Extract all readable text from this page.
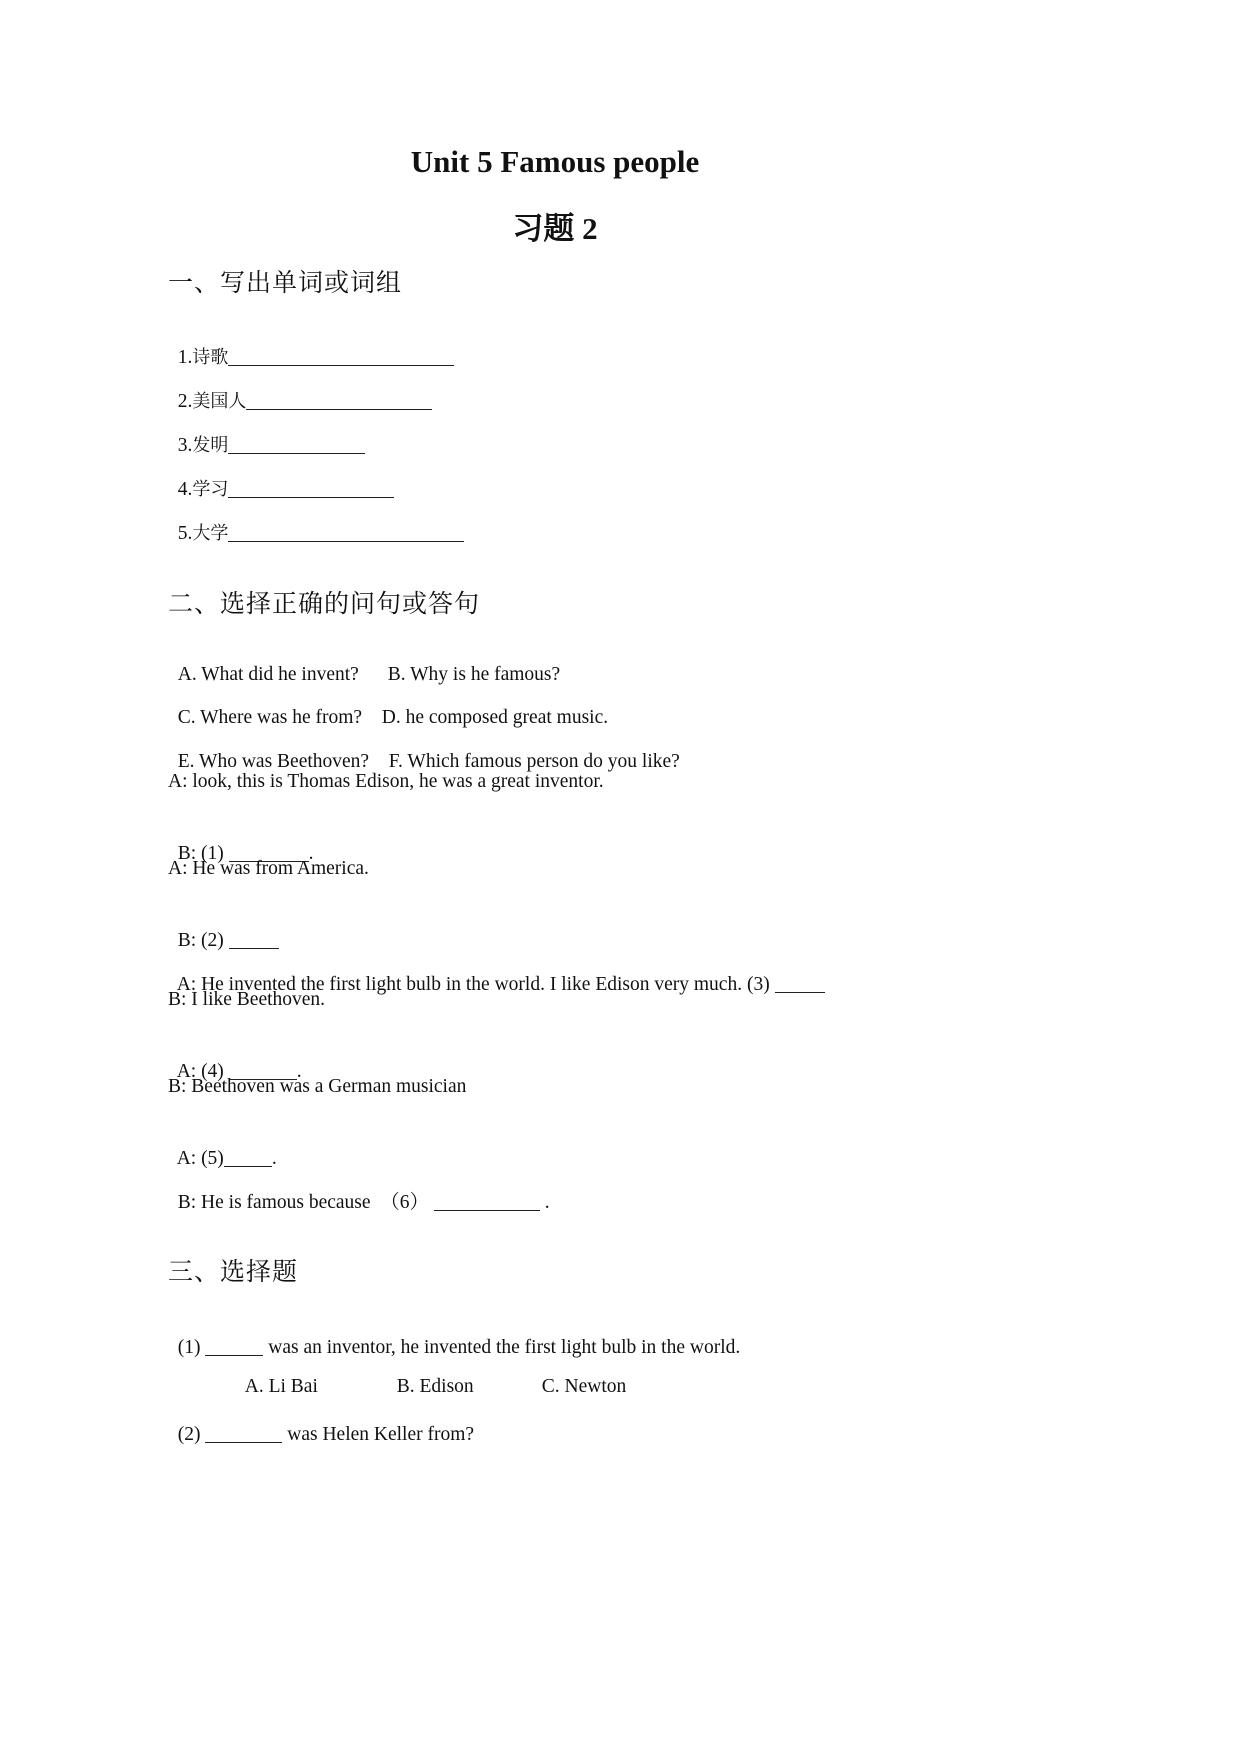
Unit 5 Famous people
习题 2
一、写出单词或词组

1.诗歌

2.美国人

3.发明

4.学习

5.大学

二、选择正确的问句或答句

A. What did he invent? B. Why is he famous?

C. Where was he from? D. he composed great music.

E. Who was Beethoven? F. Which famous person do you like?

A: look, this is Thomas Edison, he was a great inventor.

B: (1)	.

A: He was from America.

B: (2)

A: He invented the first light bulb in the world. I like Edison very much. (3)

B: I like Beethoven.

A: (4)	.

B: Beethoven was a German musician

A: (5) .

B: He is famous because  （6）	.

三、选择题

(1)	was an inventor, he invented the first light bulb in the world.

A. Li Bai	B. Edison	C. Newton

(2)	was Helen Keller from?
